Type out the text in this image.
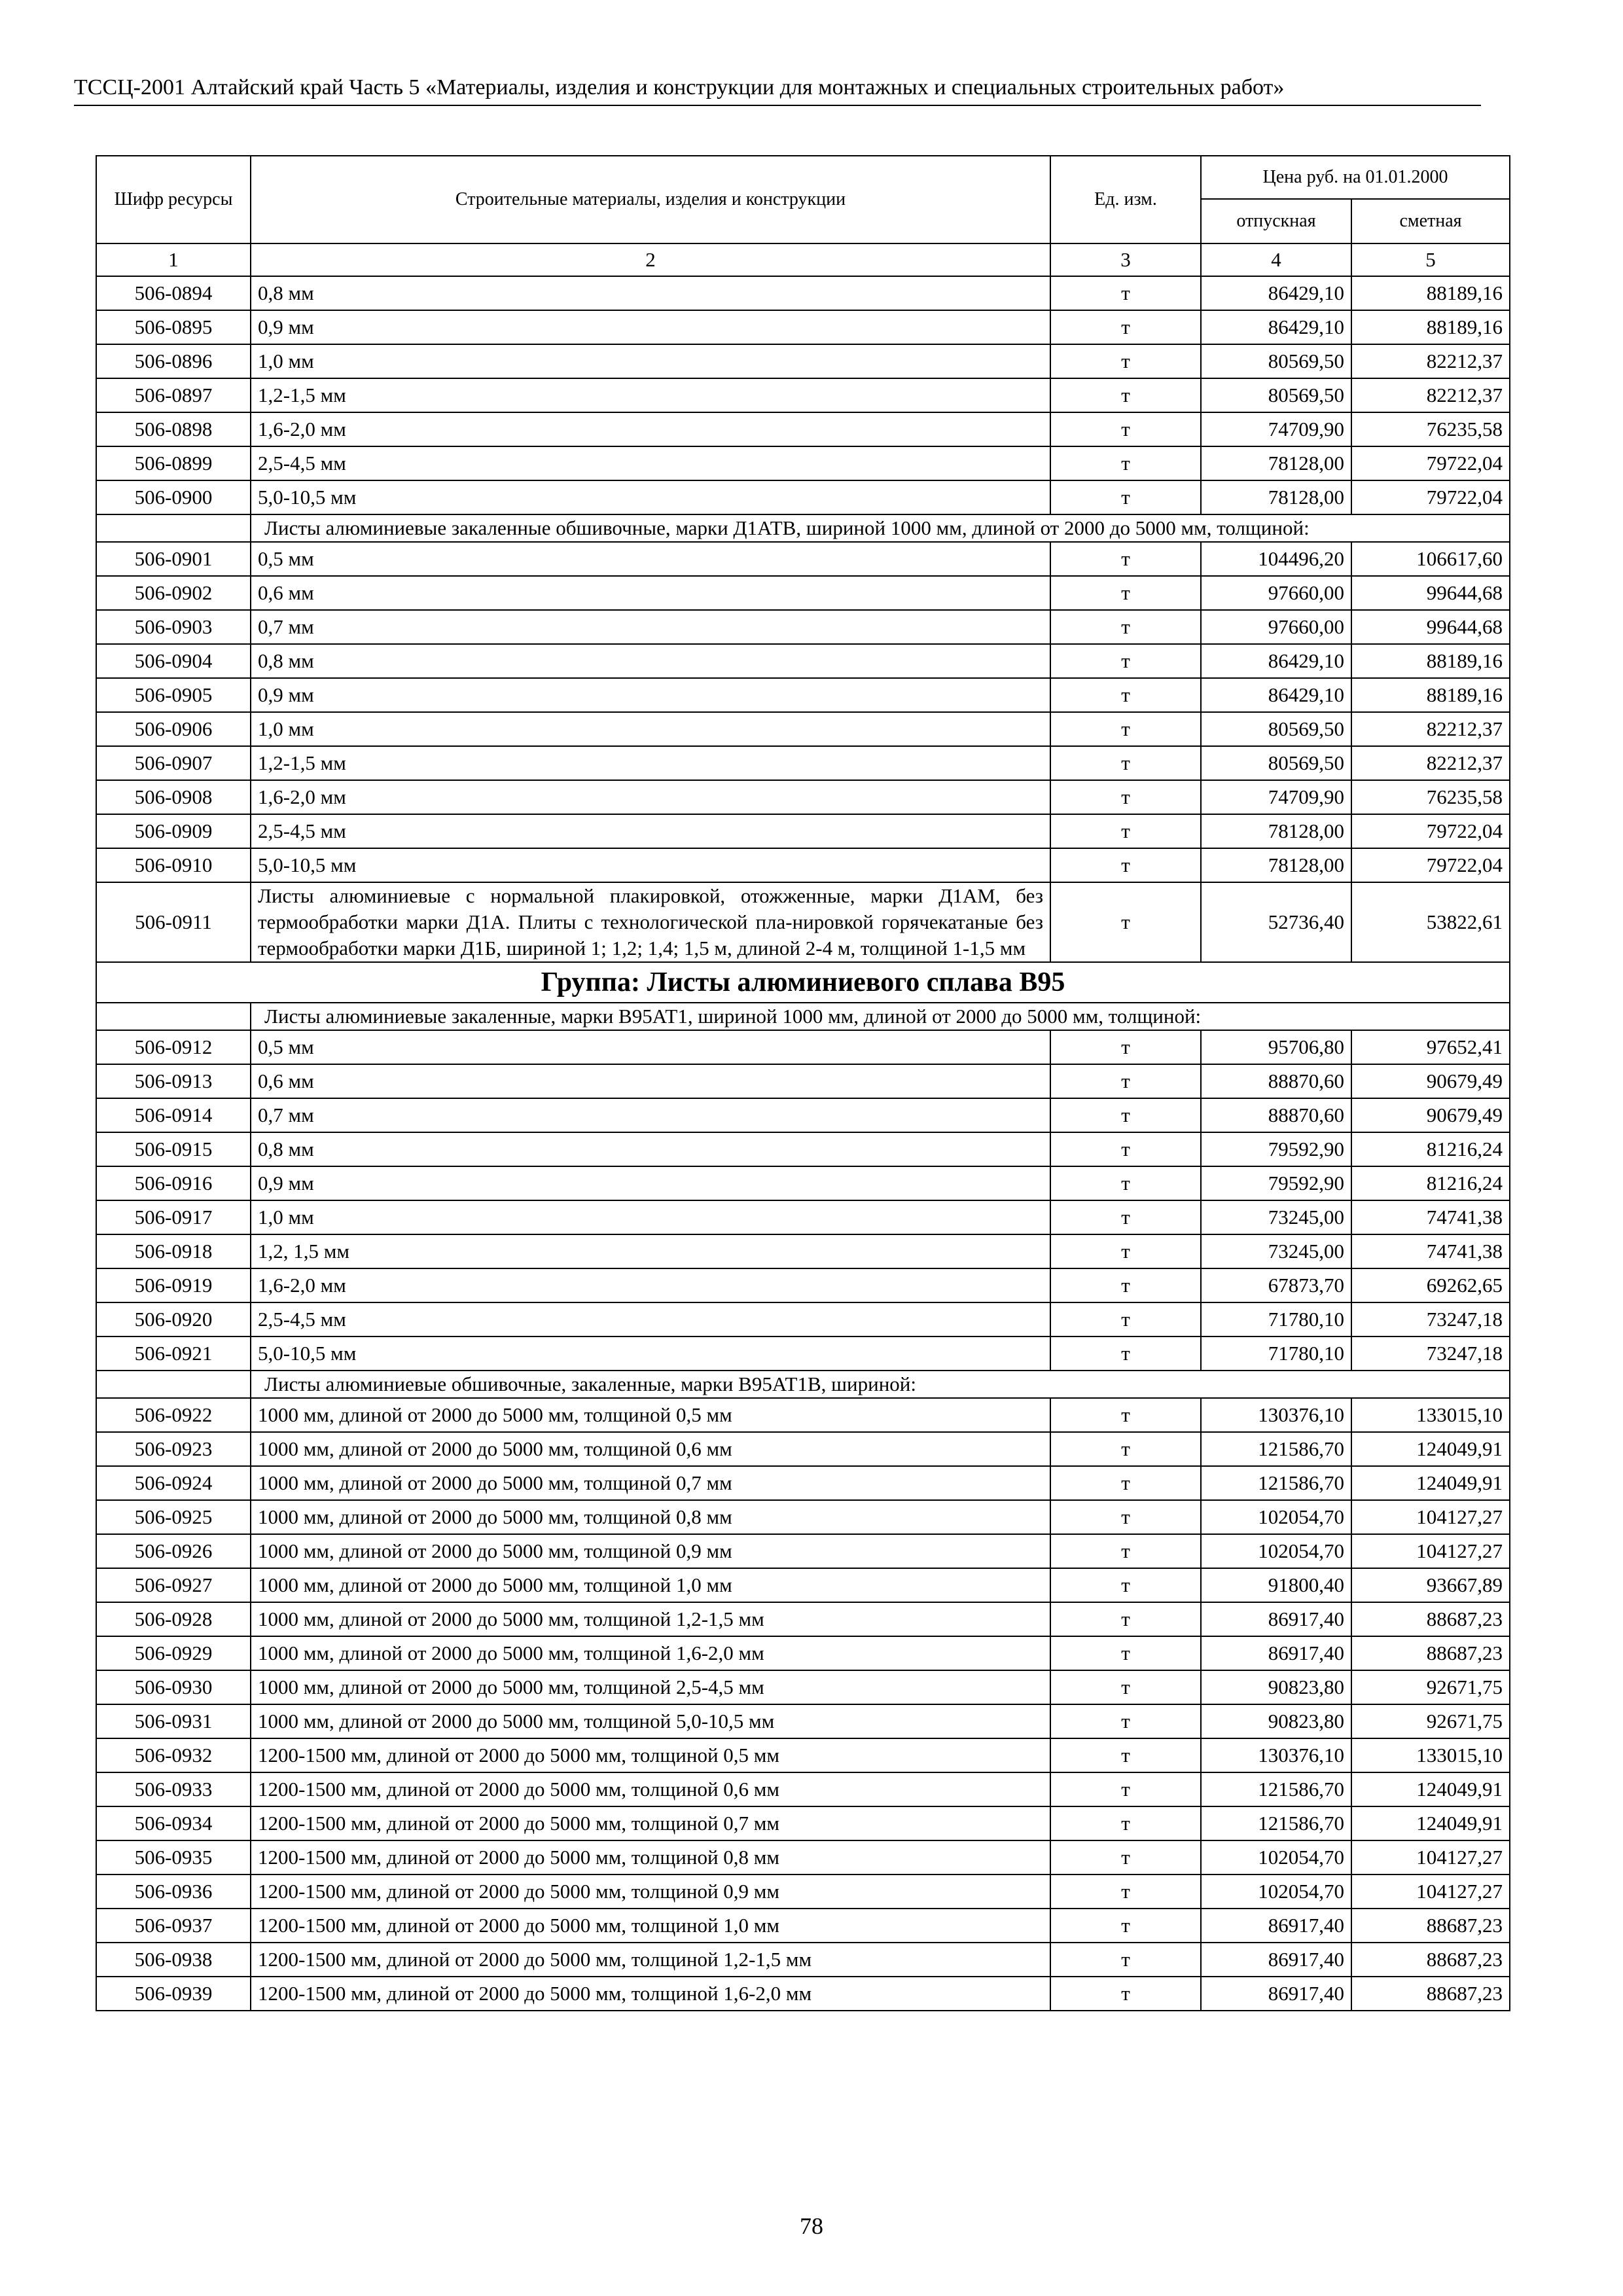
ТССЦ-2001 Алтайский край Часть 5 «Материалы, изделия и конструкции для монтажных и специальных строительных работ»
Шифр ресурсы	Строительные материалы, изделия и конструкции	Ед. изм.	Цена руб. на 01.01.2000	
			отпускная	сметная
1	2	3	4	5
506-0894	0,8 мм	т	86429,10	88189,16
506-0895	0,9 мм	т	86429,10	88189,16
506-0896	1,0 мм	т	80569,50	82212,37
506-0897	1,2-1,5 мм	т	80569,50	82212,37
506-0898	1,6-2,0 мм	т	74709,90	76235,58
506-0899	2,5-4,5 мм	т	78128,00	79722,04
506-0900	5,0-10,5 мм	т	78128,00	79722,04
	Листы алюминиевые закаленные обшивочные, марки Д1АТВ, шириной 1000 мм, длиной от 2000 до 5000 мм, толщиной:			
506-0901	0,5 мм	т	104496,20	106617,60
506-0902	0,6 мм	т	97660,00	99644,68
506-0903	0,7 мм	т	97660,00	99644,68
506-0904	0,8 мм	т	86429,10	88189,16
506-0905	0,9 мм	т	86429,10	88189,16
506-0906	1,0 мм	т	80569,50	82212,37
506-0907	1,2-1,5 мм	т	80569,50	82212,37
506-0908	1,6-2,0 мм	т	74709,90	76235,58
506-0909	2,5-4,5 мм	т	78128,00	79722,04
506-0910	5,0-10,5 мм	т	78128,00	79722,04
506-0911	Листы алюминиевые с нормальной плакировкой, отожженные, марки Д1АМ, без термообработки марки Д1А. Плиты с технологической пла-нировкой горячекатаные без термообработки марки Д1Б, шириной 1; 1,2; 1,4; 1,5 м, длиной 2-4 м, толщиной 1-1,5 мм	т	52736,40	53822,61
Группа: Листы алюминиевого сплава В95				
	Листы алюминиевые закаленные, марки В95АТ1, шириной 1000 мм, длиной от 2000 до 5000 мм, толщиной:			
506-0912	0,5 мм	т	95706,80	97652,41
506-0913	0,6 мм	т	88870,60	90679,49
506-0914	0,7 мм	т	88870,60	90679,49
506-0915	0,8 мм	т	79592,90	81216,24
506-0916	0,9 мм	т	79592,90	81216,24
506-0917	1,0 мм	т	73245,00	74741,38
506-0918	1,2, 1,5 мм	т	73245,00	74741,38
506-0919	1,6-2,0 мм	т	67873,70	69262,65
506-0920	2,5-4,5 мм	т	71780,10	73247,18
506-0921	5,0-10,5 мм	т	71780,10	73247,18
	Листы алюминиевые обшивочные, закаленные, марки В95АТ1В, шириной:			
506-0922	1000 мм, длиной от 2000 до 5000 мм, толщиной 0,5 мм	т	130376,10	133015,10
506-0923	1000 мм, длиной от 2000 до 5000 мм, толщиной 0,6 мм	т	121586,70	124049,91
506-0924	1000 мм, длиной от 2000 до 5000 мм, толщиной 0,7 мм	т	121586,70	124049,91
506-0925	1000 мм, длиной от 2000 до 5000 мм, толщиной 0,8 мм	т	102054,70	104127,27
506-0926	1000 мм, длиной от 2000 до 5000 мм, толщиной 0,9 мм	т	102054,70	104127,27
506-0927	1000 мм, длиной от 2000 до 5000 мм, толщиной 1,0 мм	т	91800,40	93667,89
506-0928	1000 мм, длиной от 2000 до 5000 мм, толщиной 1,2-1,5 мм	т	86917,40	88687,23
506-0929	1000 мм, длиной от 2000 до 5000 мм, толщиной 1,6-2,0 мм	т	86917,40	88687,23
506-0930	1000 мм, длиной от 2000 до 5000 мм, толщиной 2,5-4,5 мм	т	90823,80	92671,75
506-0931	1000 мм, длиной от 2000 до 5000 мм, толщиной 5,0-10,5 мм	т	90823,80	92671,75
506-0932	1200-1500 мм, длиной от 2000 до 5000 мм, толщиной 0,5 мм	т	130376,10	133015,10
506-0933	1200-1500 мм, длиной от 2000 до 5000 мм, толщиной 0,6 мм	т	121586,70	124049,91
506-0934	1200-1500 мм, длиной от 2000 до 5000 мм, толщиной 0,7 мм	т	121586,70	124049,91
506-0935	1200-1500 мм, длиной от 2000 до 5000 мм, толщиной 0,8 мм	т	102054,70	104127,27
506-0936	1200-1500 мм, длиной от 2000 до 5000 мм, толщиной 0,9 мм	т	102054,70	104127,27
506-0937	1200-1500 мм, длиной от 2000 до 5000 мм, толщиной 1,0 мм	т	86917,40	88687,23
506-0938	1200-1500 мм, длиной от 2000 до 5000 мм, толщиной 1,2-1,5 мм	т	86917,40	88687,23
506-0939	1200-1500 мм, длиной от 2000 до 5000 мм, толщиной 1,6-2,0 мм	т	86917,40	88687,23
78
